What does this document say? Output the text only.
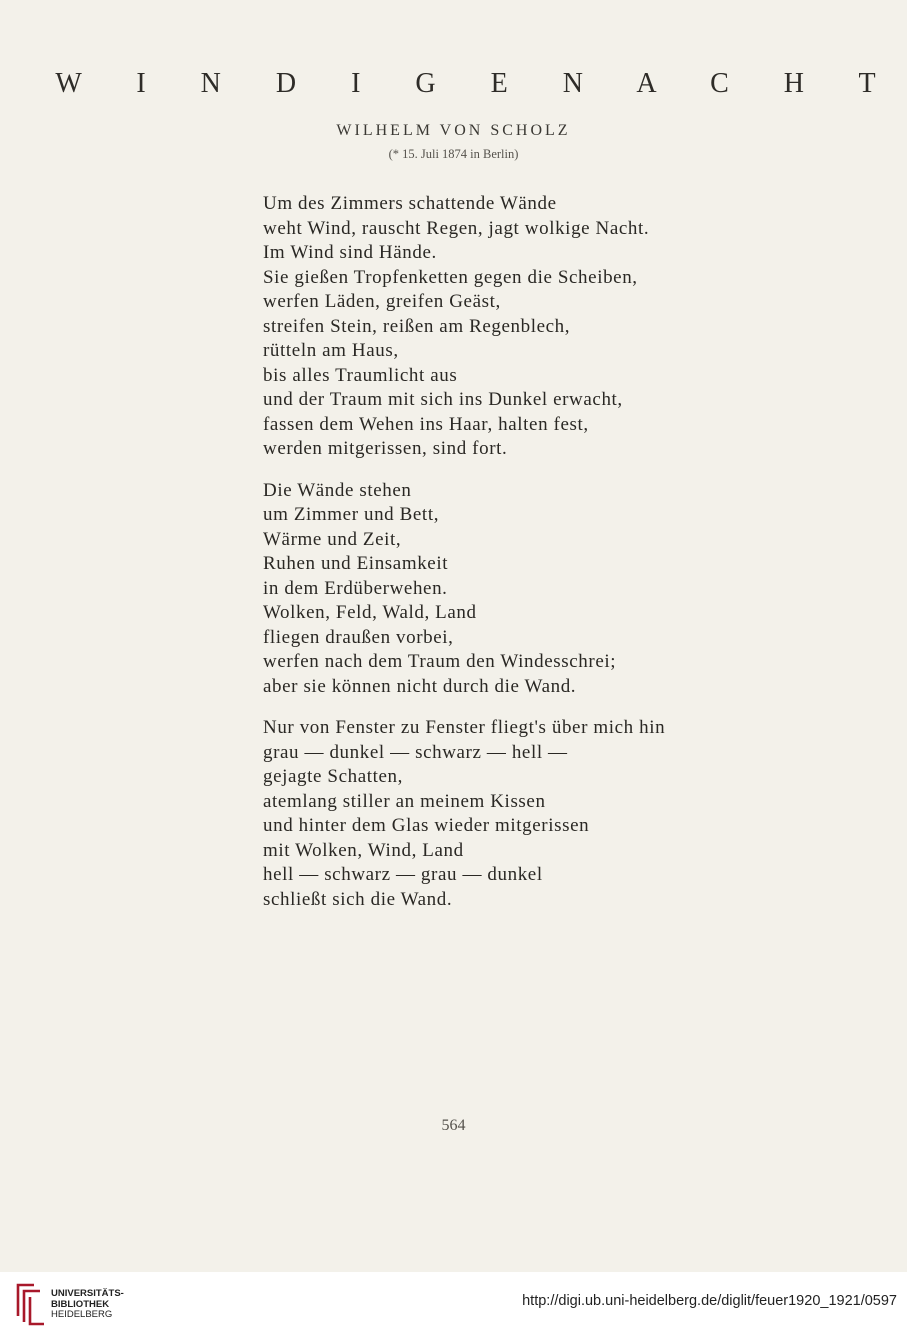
W I N D I G E N A C H T
WILHELM VON SCHOLZ
(* 15. Juli 1874 in Berlin)
Um des Zimmers schattende Wände
weht Wind, rauscht Regen, jagt wolkige Nacht.
Im Wind sind Hände.
Sie gießen Tropfenketten gegen die Scheiben,
werfen Läden, greifen Geäst,
streifen Stein, reißen am Regenblech,
rütteln am Haus,
bis alles Traumlicht aus
und der Traum mit sich ins Dunkel erwacht,
fassen dem Wehen ins Haar, halten fest,
werden mitgerissen, sind fort.
Die Wände stehen
um Zimmer und Bett,
Wärme und Zeit,
Ruhen und Einsamkeit
in dem Erdüberwehen.
Wolken, Feld, Wald, Land
fliegen draußen vorbei,
werfen nach dem Traum den Windesschrei;
aber sie können nicht durch die Wand.
Nur von Fenster zu Fenster fliegt's über mich hin
grau — dunkel — schwarz — hell —
gejagte Schatten,
atemlang stiller an meinem Kissen
und hinter dem Glas wieder mitgerissen
mit Wolken, Wind, Land
hell — schwarz — grau — dunkel
schließt sich die Wand.
564
UNIVERSITÄTS-
BIBLIOTHEK
HEIDELBERG
http://digi.ub.uni-heidelberg.de/diglit/feuer1920_1921/0597
